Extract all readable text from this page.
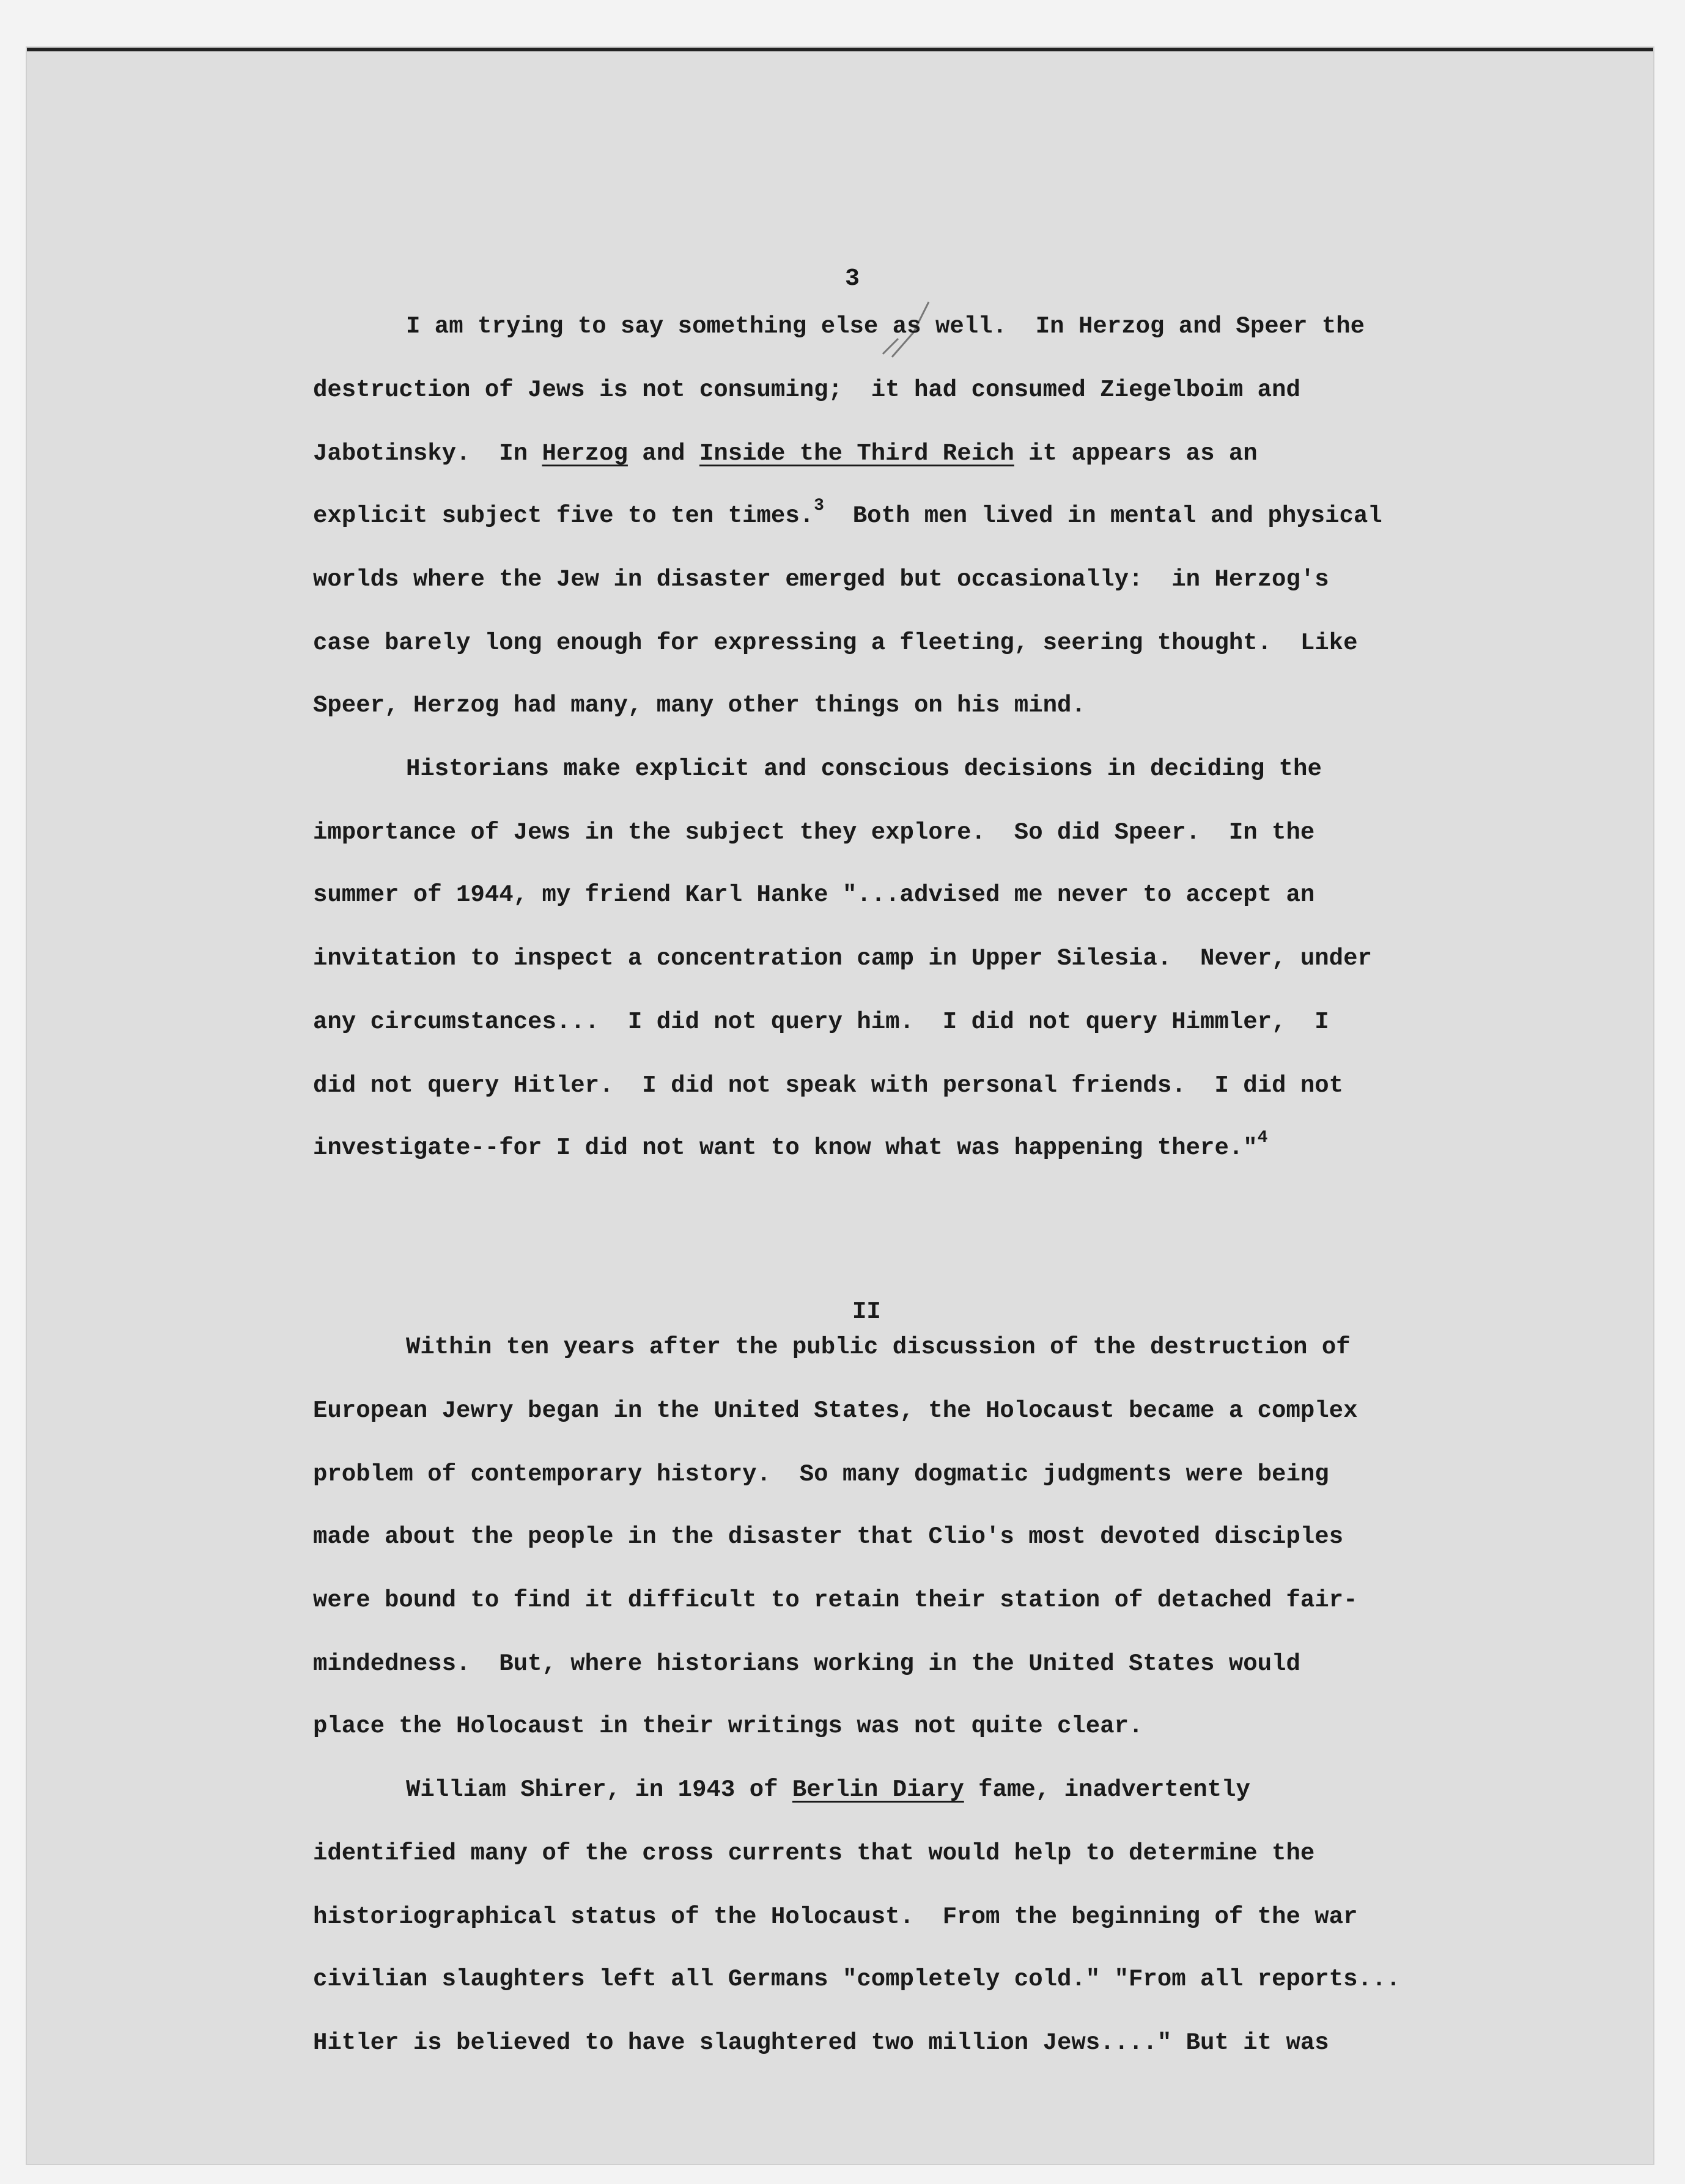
3
I am trying to say something else as well.  In Herzog and Speer the
destruction of Jews is not consuming;  it had consumed Ziegelboim and
Jabotinsky.  In Herzog and Inside the Third Reich it appears as an
explicit subject five to ten times.$^3$  Both men lived in mental and physical
worlds where the Jew in disaster emerged but occasionally:  in Herzog's
case barely long enough for expressing a fleeting, seering thought.  Like
Speer, Herzog had many, many other things on his mind.
Historians make explicit and conscious decisions in deciding the
importance of Jews in the subject they explore.  So did Speer.  In the
summer of 1944, my friend Karl Hanke "...advised me never to accept an
invitation to inspect a concentration camp in Upper Silesia.  Never, under
any circumstances...  I did not query him.  I did not query Himmler,  I
did not query Hitler.  I did not speak with personal friends.  I did not
investigate--for I did not want to know what was happening there."$^4$
II
Within ten years after the public discussion of the destruction of
European Jewry began in the United States, the Holocaust became a complex
problem of contemporary history.  So many dogmatic judgments were being
made about the people in the disaster that Clio's most devoted disciples
were bound to find it difficult to retain their station of detached fair-
mindedness.  But, where historians working in the United States would
place the Holocaust in their writings was not quite clear.
William Shirer, in 1943 of Berlin Diary fame, inadvertently
identified many of the cross currents that would help to determine the
historiographical status of the Holocaust.  From the beginning of the war
civilian slaughters left all Germans "completely cold." "From all reports...
Hitler is believed to have slaughtered two million Jews...." But it was
